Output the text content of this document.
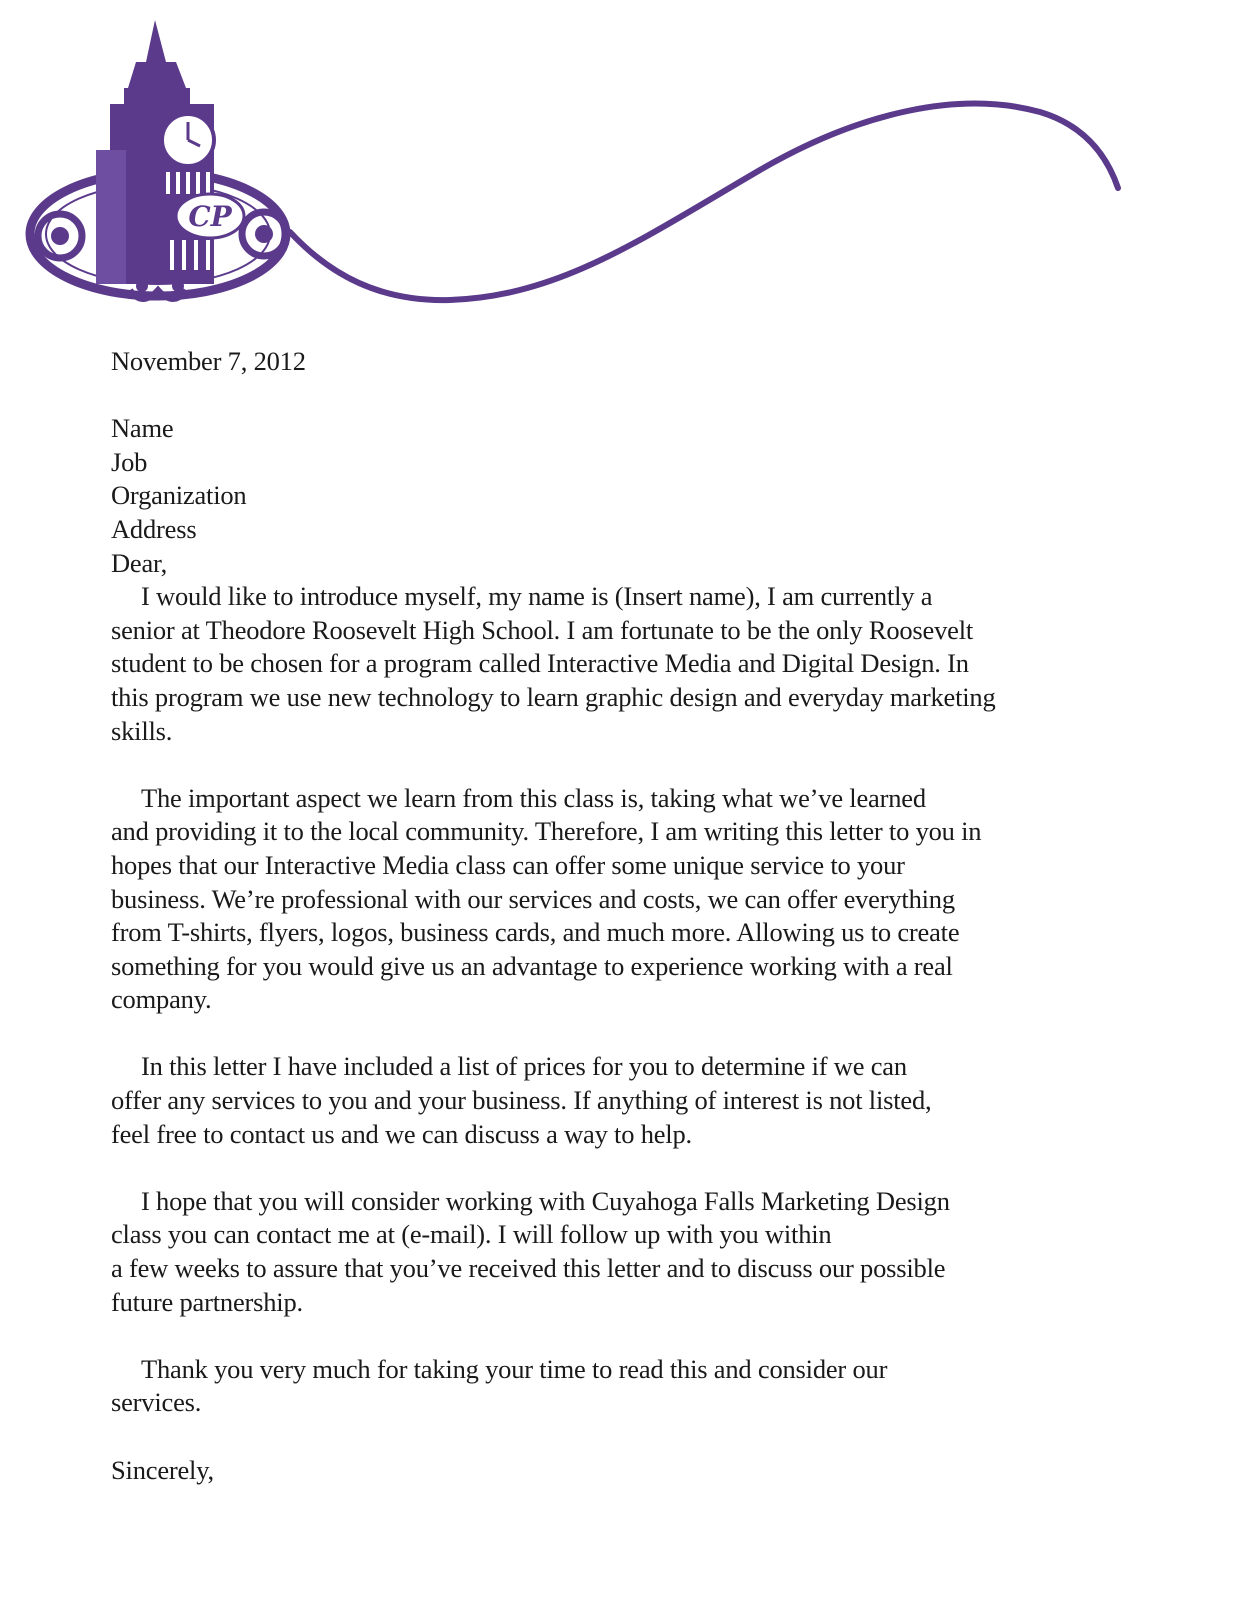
CP
November 7, 2012
Name
Job
Organization
Address
Dear,

I would like to introduce myself, my name is (Insert name), I am currently a
senior at Theodore Roosevelt High School. I am fortunate to be the only Roosevelt
student to be chosen for a program called Interactive Media and Digital Design. In
this program we use new technology to learn graphic design and everyday marketing
skills.

The important aspect we learn from this class is, taking what we’ve learned
and providing it to the local community. Therefore, I am writing this letter to you in
hopes that our Interactive Media class can offer some unique service to your
business. We’re professional with our services and costs, we can offer everything
from T-shirts, flyers, logos, business cards, and much more. Allowing us to create
something for you would give us an advantage to experience working with a real
company.

In this letter I have included a list of prices for you to determine if we can
offer any services to you and your business. If anything of interest is not listed,
feel free to contact us and we can discuss a way to help.

I hope that you will consider working with Cuyahoga Falls Marketing Design
class you can contact me at (e-mail). I will follow up with you within
a few weeks to assure that you’ve received this letter and to discuss our possible
future partnership.

Thank you very much for taking your time to read this and consider our
services.

Sincerely,
